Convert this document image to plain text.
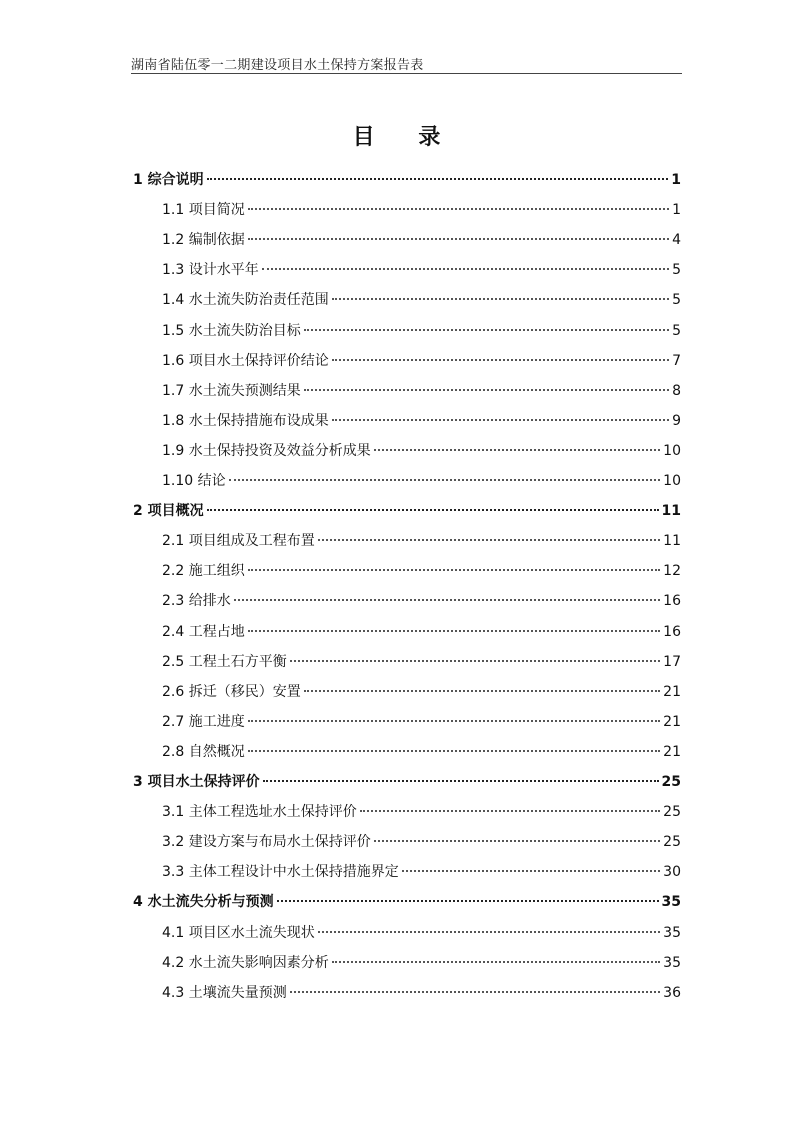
湖南省陆伍零一二期建设项目水土保持方案报告表
目 录
1 综合说明	1
1.1 项目简况	1
1.2 编制依据	4
1.3 设计水平年	5
1.4 水土流失防治责任范围	5
1.5 水土流失防治目标	5
1.6 项目水土保持评价结论	7
1.7 水土流失预测结果	8
1.8 水土保持措施布设成果	9
1.9 水土保持投资及效益分析成果	10
1.10 结论	10
2 项目概况	11
2.1 项目组成及工程布置	11
2.2 施工组织	12
2.3 给排水	16
2.4 工程占地	16
2.5 工程土石方平衡	17
2.6 拆迁（移民）安置	21
2.7 施工进度	21
2.8 自然概况	21
3 项目水土保持评价	25
3.1 主体工程选址水土保持评价	25
3.2 建设方案与布局水土保持评价	25
3.3 主体工程设计中水土保持措施界定	30
4 水土流失分析与预测	35
4.1 项目区水土流失现状	35
4.2 水土流失影响因素分析	35
4.3 土壤流失量预测	36
